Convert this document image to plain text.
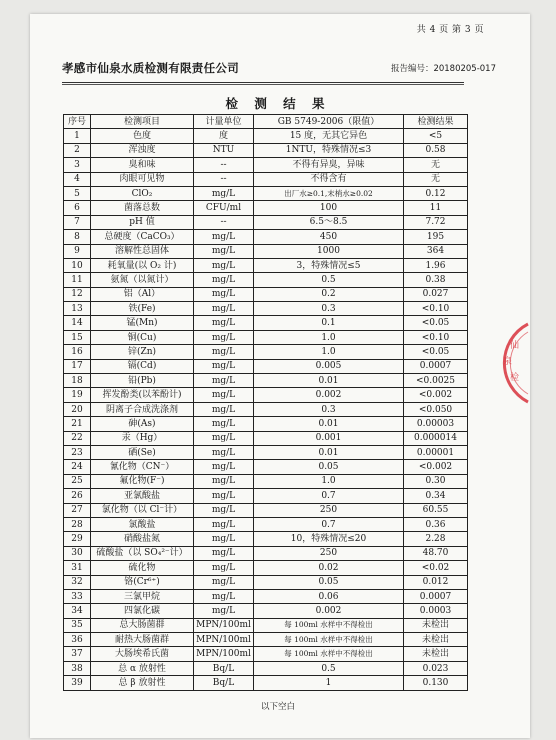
共 4 页 第 3 页
孝感市仙泉水质检测有限责任公司	报告编号：20180205-017
检 测 结 果
序号	检测项目	计量单位	GB 5749-2006（限值）	检测结果
1	色度	度	15 度，无其它异色	<5
2	浑浊度	NTU	1NTU，特殊情况≤3	0.58
3	臭和味	--	不得有异臭，异味	无
4	肉眼可见物	--	不得含有	无
5	ClO₂	mg/L	出厂水≥0.1,末梢水≥0.02	0.12
6	菌落总数	CFU/ml	100	11
7	pH 值	--	6.5～8.5	7.72
8	总硬度（CaCO₃）	mg/L	450	195
9	溶解性总固体	mg/L	1000	364
10	耗氧量(以 O₂ 计)	mg/L	3，特殊情况≤5	1.96
11	氨氮（以氮计）	mg/L	0.5	0.38
12	铝（Al）	mg/L	0.2	0.027
13	铁(Fe)	mg/L	0.3	<0.10
14	锰(Mn)	mg/L	0.1	<0.05
15	铜(Cu)	mg/L	1.0	<0.10
16	锌(Zn)	mg/L	1.0	<0.05
17	镉(Cd)	mg/L	0.005	0.0007
18	铅(Pb)	mg/L	0.01	<0.0025
19	挥发酚类(以苯酚计)	mg/L	0.002	<0.002
20	阴离子合成洗涤剂	mg/L	0.3	<0.050
21	砷(As)	mg/L	0.01	0.00003
22	汞（Hg）	mg/L	0.001	0.000014
23	硒(Se)	mg/L	0.01	0.00001
24	氰化物（CN⁻）	mg/L	0.05	<0.002
25	氟化物(F⁻)	mg/L	1.0	0.30
26	亚氯酸盐	mg/L	0.7	0.34
27	氯化物（以 Cl⁻计）	mg/L	250	60.55
28	氯酸盐	mg/L	0.7	0.36
29	硝酸盐氮	mg/L	10，特殊情况≤20	2.28
30	硫酸盐（以 SO₄²⁻计）	mg/L	250	48.70
31	硫化物	mg/L	0.02	<0.02
32	铬(Cr⁶⁺)	mg/L	0.05	0.012
33	三氯甲烷	mg/L	0.06	0.0007
34	四氯化碳	mg/L	0.002	0.0003
35	总大肠菌群	MPN/100ml	每 100ml 水样中不得检出	未检出
36	耐热大肠菌群	MPN/100ml	每 100ml 水样中不得检出	未检出
37	大肠埃希氏菌	MPN/100ml	每 100ml 水样中不得检出	未检出
38	总 α 放射性	Bq/L	0.5	0.023
39	总 β 放射性	Bq/L	1	0.130
以下空白
仙
泉
检
